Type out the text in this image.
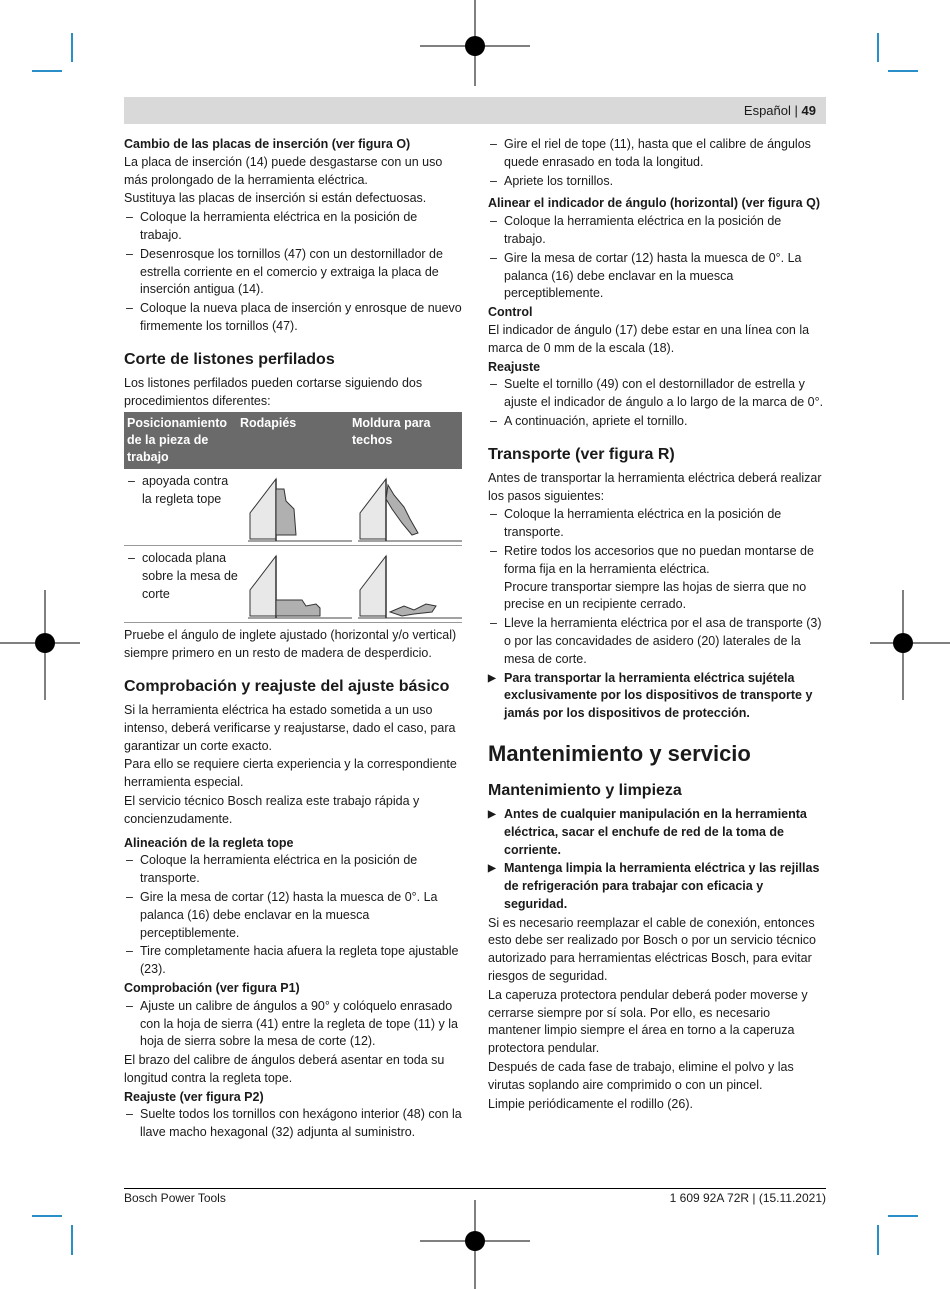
Español | 49

Cambio de las placas de inserción (ver figura O)

La placa de inserción (14) puede desgastarse con un uso más prolongado de la herramienta eléctrica.

Sustituya las placas de inserción si están defectuosas.

– Coloque la herramienta eléctrica en la posición de trabajo.
– Desenrosque los tornillos (47) con un destornillador de estrella corriente en el comercio y extraiga la placa de inserción antigua (14).
– Coloque la nueva placa de inserción y enrosque de nuevo firmemente los tornillos (47).
Corte de listones perfilados

Los listones perfilados pueden cortarse siguiendo dos procedimientos diferentes:

Posicionamiento de la pieza de trabajo
Rodapiés	Moldura para techos
– apoyada contra la regleta tope
– colocada plana sobre la mesa de corte

Pruebe el ángulo de inglete ajustado (horizontal y/o vertical) siempre primero en un resto de madera de desperdicio.

Comprobación y reajuste del ajuste básico

Si la herramienta eléctrica ha estado sometida a un uso intenso, deberá verificarse y reajustarse, dado el caso, para garantizar un corte exacto.

Para ello se requiere cierta experiencia y la correspondiente herramienta especial.

El servicio técnico Bosch realiza este trabajo rápida y concienzudamente.

Alineación de la regleta tope

– Coloque la herramienta eléctrica en la posición de transporte.
– Gire la mesa de cortar (12) hasta la muesca de 0°. La palanca (16) debe enclavar en la muesca perceptiblemente.
– Tire completamente hacia afuera la regleta tope ajustable (23).

Comprobación (ver figura P1)

– Ajuste un calibre de ángulos a 90° y colóquelo enrasado con la hoja de sierra (41) entre la regleta de tope (11) y la hoja de sierra sobre la mesa de corte (12).

El brazo del calibre de ángulos deberá asentar en toda su longitud contra la regleta tope.

Reajuste (ver figura P2)

– Suelte todos los tornillos con hexágono interior (48) con la llave macho hexagonal (32) adjunta al suministro.
– Gire el riel de tope (11), hasta que el calibre de ángulos quede enrasado en toda la longitud.
– Apriete los tornillos.

Alinear el indicador de ángulo (horizontal) (ver figura Q)

– Coloque la herramienta eléctrica en la posición de trabajo.
– Gire la mesa de cortar (12) hasta la muesca de 0°. La palanca (16) debe enclavar en la muesca perceptiblemente.

Control

El indicador de ángulo (17) debe estar en una línea con la marca de 0 mm de la escala (18).

Reajuste

– Suelte el tornillo (49) con el destornillador de estrella y ajuste el indicador de ángulo a lo largo de la marca de 0°.
– A continuación, apriete el tornillo.
Transporte (ver figura R)

Antes de transportar la herramienta eléctrica deberá realizar los pasos siguientes:

– Coloque la herramienta eléctrica en la posición de transporte.
– Retire todos los accesorios que no puedan montarse de forma fija en la herramienta eléctrica.
Procure transportar siempre las hojas de sierra que no precise en un recipiente cerrado.
– Lleve la herramienta eléctrica por el asa de transporte (3) o por las concavidades de asidero (20) laterales de la mesa de corte.
▶ Para transportar la herramienta eléctrica sujétela exclusivamente por los dispositivos de transporte y jamás por los dispositivos de protección.
Mantenimiento y servicio
Mantenimiento y limpieza
▶ Antes de cualquier manipulación en la herramienta eléctrica, sacar el enchufe de red de la toma de corriente.
▶ Mantenga limpia la herramienta eléctrica y las rejillas de refrigeración para trabajar con eficacia y seguridad.

Si es necesario reemplazar el cable de conexión, entonces esto debe ser realizado por Bosch o por un servicio técnico autorizado para herramientas eléctricas Bosch, para evitar riesgos de seguridad.

La caperuza protectora pendular deberá poder moverse y cerrarse siempre por sí sola. Por ello, es necesario mantener limpio siempre el área en torno a la caperuza protectora pendular.

Después de cada fase de trabajo, elimine el polvo y las virutas soplando aire comprimido o con un pincel.

Limpie periódicamente el rodillo (26).

Bosch Power Tools	1 609 92A 72R | (15.11.2021)
